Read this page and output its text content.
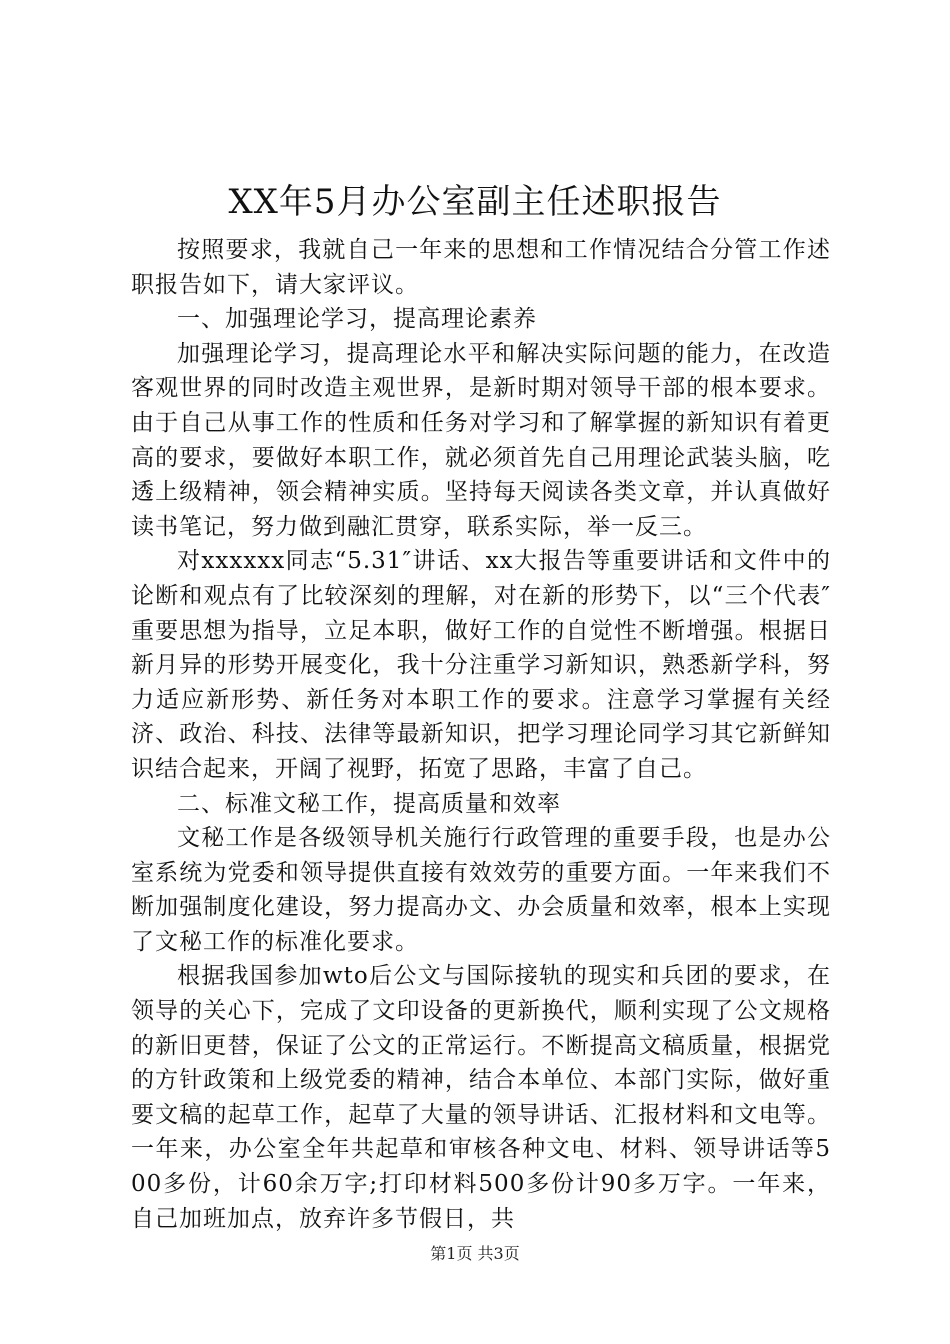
XX年5月办公室副主任述职报告

按照要求，我就自己一年来的思想和工作情况结合分管工作述职报告如下，请大家评议。

一、加强理论学习，提高理论素养

加强理论学习，提高理论水平和解决实际问题的能力，在改造客观世界的同时改造主观世界，是新时期对领导干部的根本要求。由于自己从事工作的性质和任务对学习和了解掌握的新知识有着更高的要求，要做好本职工作，就必须首先自己用理论武装头脑，吃透上级精神，领会精神实质。坚持每天阅读各类文章，并认真做好读书笔记，努力做到融汇贯穿，联系实际，举一反三。

对xxxxxx同志“5.31″讲话、xx大报告等重要讲话和文件中的论断和观点有了比较深刻的理解，对在新的形势下，以“三个代表″重要思想为指导，立足本职，做好工作的自觉性不断增强。根据日新月异的形势开展变化，我十分注重学习新知识，熟悉新学科，努力适应新形势、新任务对本职工作的要求。注意学习掌握有关经济、政治、科技、法律等最新知识，把学习理论同学习其它新鲜知识结合起来，开阔了视野，拓宽了思路，丰富了自己。

二、标准文秘工作，提高质量和效率

文秘工作是各级领导机关施行行政管理的重要手段，也是办公室系统为党委和领导提供直接有效效劳的重要方面。一年来我们不断加强制度化建设，努力提高办文、办会质量和效率，根本上实现了文秘工作的标准化要求。

根据我国参加wto后公文与国际接轨的现实和兵团的要求，在领导的关心下，完成了文印设备的更新换代，顺利实现了公文规格的新旧更替，保证了公文的正常运行。不断提高文稿质量，根据党的方针政策和上级党委的精神，结合本单位、本部门实际，做好重要文稿的起草工作，起草了大量的领导讲话、汇报材料和文电等。一年来，办公室全年共起草和审核各种文电、材料、领导讲话等500多份，计60余万字;打印材料500多份计90多万字。一年来，自己加班加点，放弃许多节假日，共

第1页 共3页
